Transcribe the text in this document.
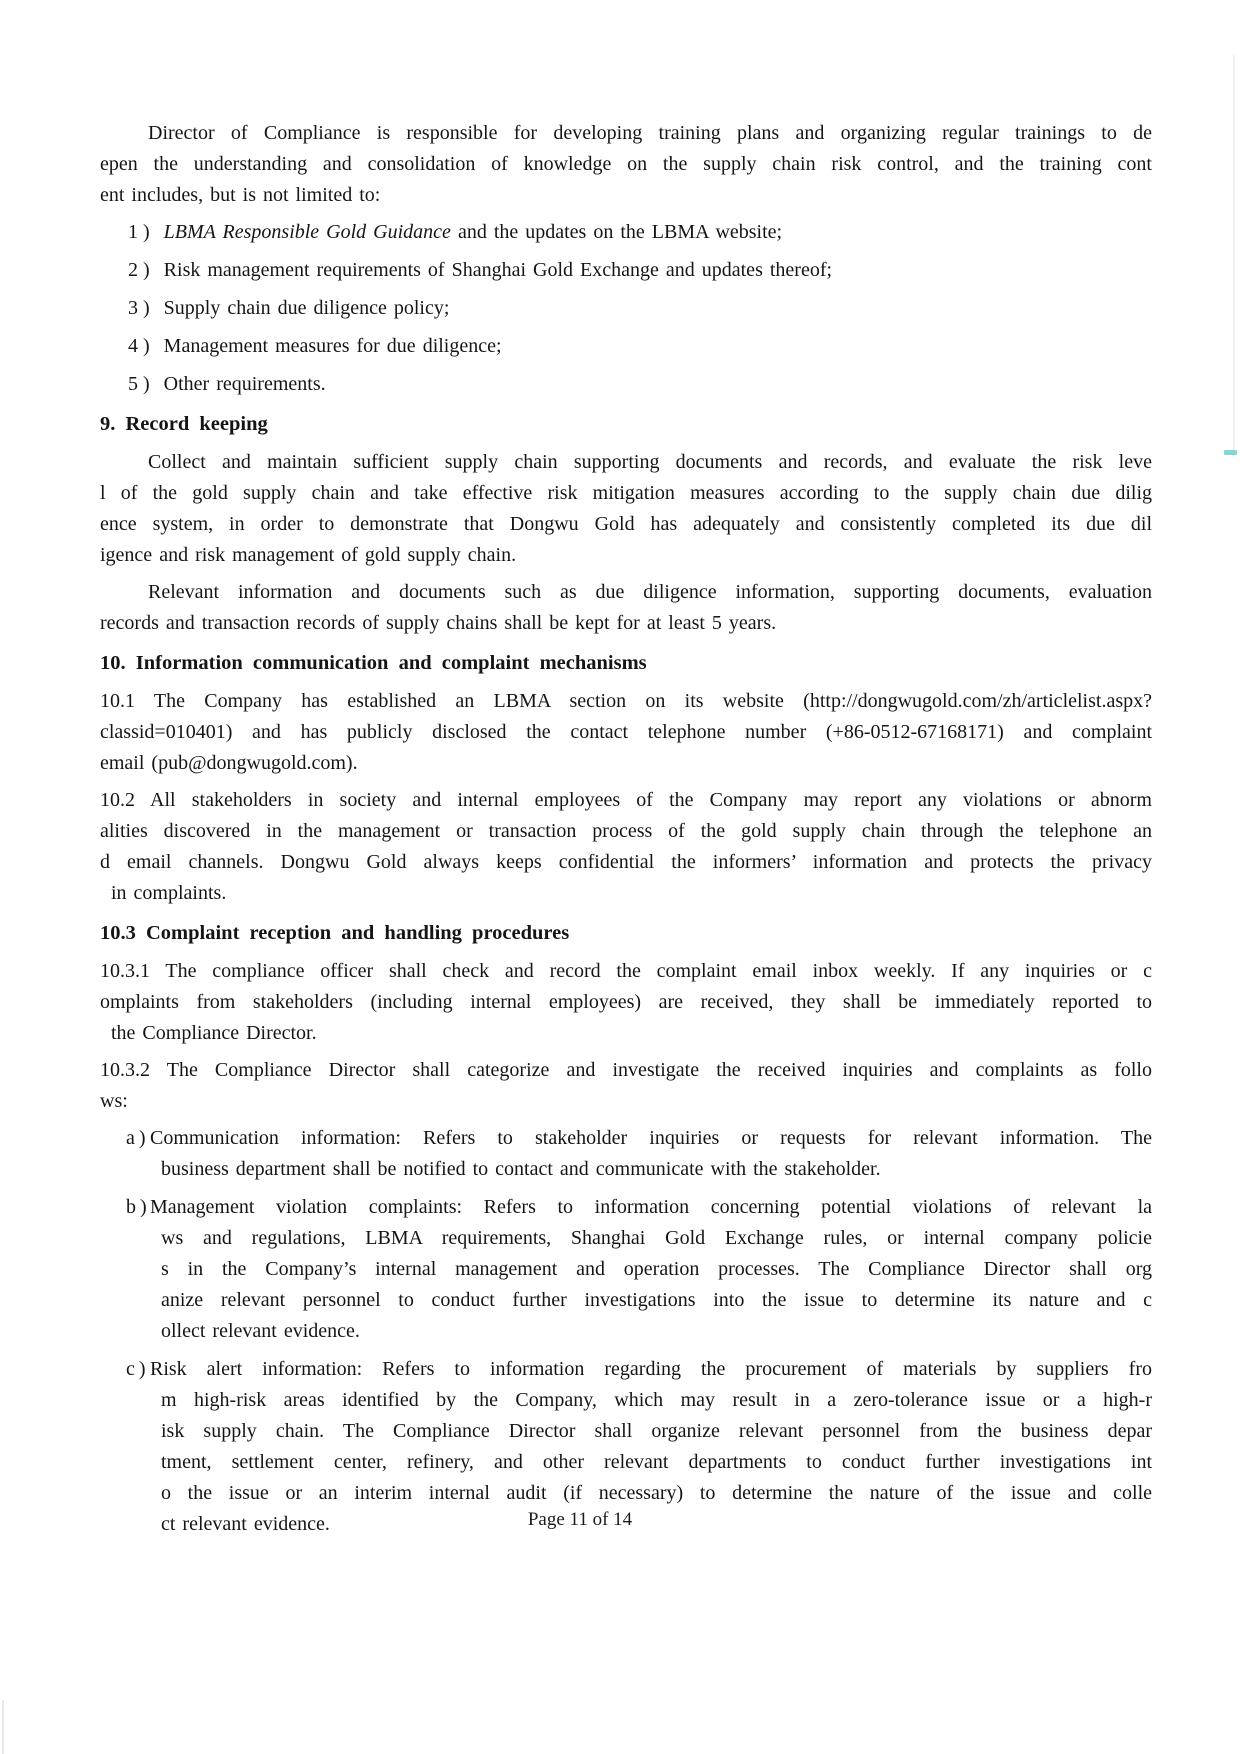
Director of Compliance is responsible for developing training plans and organizing regular trainings to de
epen the understanding and consolidation of knowledge on the supply chain risk control, and the training cont
ent includes, but is not limited to:
1) LBMA Responsible Gold Guidance and the updates on the LBMA website;
2) Risk management requirements of Shanghai Gold Exchange and updates thereof;
3) Supply chain due diligence policy;
4) Management measures for due diligence;
5) Other requirements.
9. Record keeping
Collect and maintain sufficient supply chain supporting documents and records, and evaluate the risk leve
l of the gold supply chain and take effective risk mitigation measures according to the supply chain due dilig
ence system, in order to demonstrate that Dongwu Gold has adequately and consistently completed its due dil
igence and risk management of gold supply chain.
Relevant information and documents such as due diligence information, supporting documents, evaluation
records and transaction records of supply chains shall be kept for at least 5 years.
10. Information communication and complaint mechanisms
10.1 The Company has established an LBMA section on its website (http://dongwugold.com/zh/articlelist.aspx?
classid=010401) and has publicly disclosed the contact telephone number (+86-0512-67168171) and complaint
email (pub@dongwugold.com).
10.2 All stakeholders in society and internal employees of the Company may report any violations or abnorm
alities discovered in the management or transaction process of the gold supply chain through the telephone an
d email channels. Dongwu Gold always keeps confidential the informers’ information and protects the privacy
in complaints.
10.3 Complaint reception and handling procedures
10.3.1 The compliance officer shall check and record the complaint email inbox weekly. If any inquiries or c
omplaints from stakeholders (including internal employees) are received, they shall be immediately reported to
the Compliance Director.
10.3.2 The Compliance Director shall categorize and investigate the received inquiries and complaints as follo
ws:
a) Communication information: Refers to stakeholder inquiries or requests for relevant information. The
business department shall be notified to contact and communicate with the stakeholder.
b) Management violation complaints: Refers to information concerning potential violations of relevant la
ws and regulations, LBMA requirements, Shanghai Gold Exchange rules, or internal company policie
s in the Company’s internal management and operation processes. The Compliance Director shall org
anize relevant personnel to conduct further investigations into the issue to determine its nature and c
ollect relevant evidence.
c) Risk alert information: Refers to information regarding the procurement of materials by suppliers fro
m high-risk areas identified by the Company, which may result in a zero-tolerance issue or a high-r
isk supply chain. The Compliance Director shall organize relevant personnel from the business depar
tment, settlement center, refinery, and other relevant departments to conduct further investigations int
o the issue or an interim internal audit (if necessary) to determine the nature of the issue and colle
ct relevant evidence.	Page 11 of 14
